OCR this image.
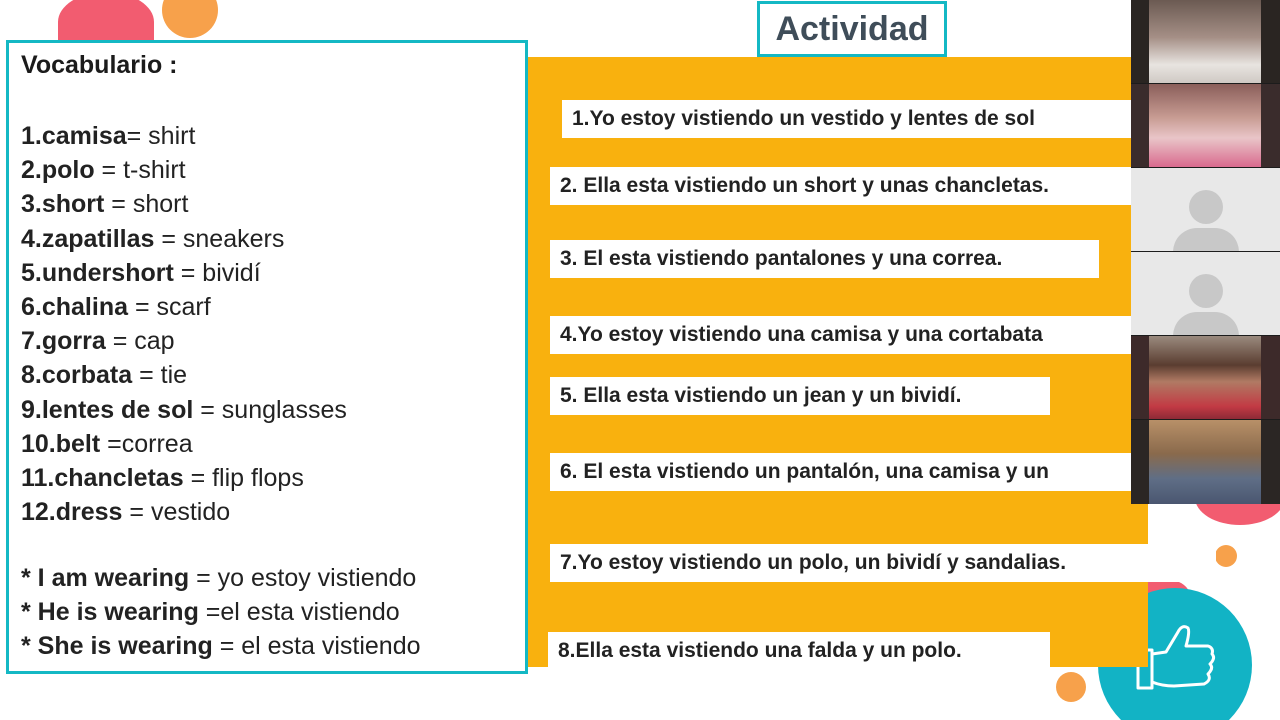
Actividad
Vocabulario :
1.camisa= shirt
2.polo = t-shirt
3.short = short
4.zapatillas = sneakers
5.undershort = bividí
6.chalina = scarf
7.gorra = cap
8.corbata = tie
9.lentes de sol = sunglasses
10.belt =correa
11.chancletas = flip flops
12.dress = vestido
* I am wearing = yo estoy vistiendo
* He is wearing =el esta vistiendo
* She is wearing = el esta vistiendo
1.Yo estoy vistiendo un vestido y lentes de sol
2. Ella esta vistiendo un short y unas chancletas.
3. El esta vistiendo pantalones y una correa.
4.Yo estoy vistiendo una camisa y una cortabata
5. Ella esta vistiendo un jean y un bividí.
6. El esta vistiendo un pantalón, una camisa y un
7.Yo estoy vistiendo un polo, un bividí y sandalias.
8.Ella esta vistiendo una falda y un polo.
